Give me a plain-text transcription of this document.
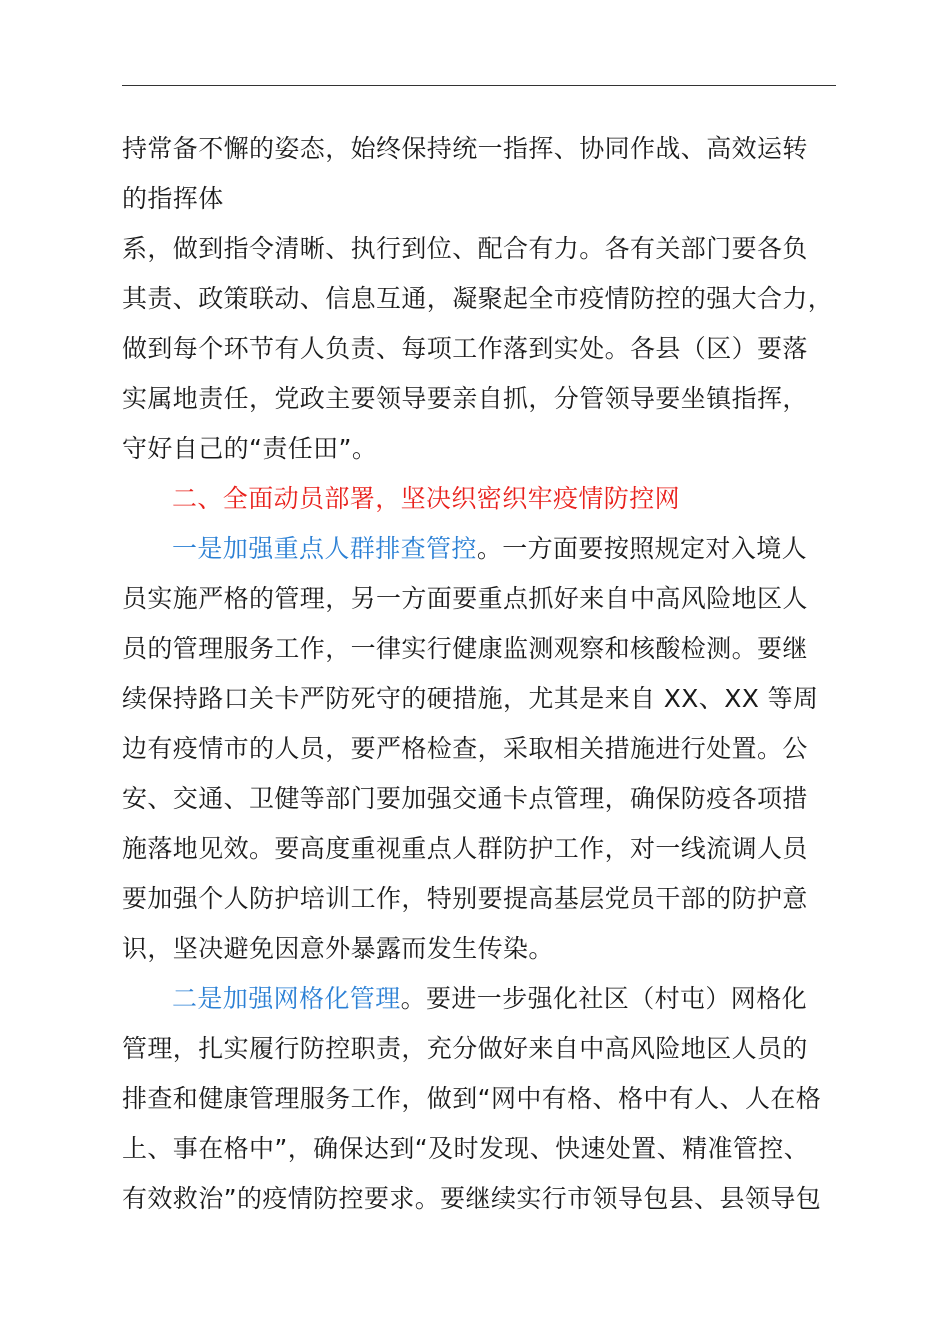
持常备不懈的姿态，始终保持统一指挥、协同作战、高效运转
的指挥体
系，做到指令清晰、执行到位、配合有力。各有关部门要各负
其责、政策联动、信息互通，凝聚起全市疫情防控的强大合力，
做到每个环节有人负责、每项工作落到实处。各县（区）要落
实属地责任，党政主要领导要亲自抓，分管领导要坐镇指挥，
守好自己的“责任田”。
二、全面动员部署，坚决织密织牢疫情防控网
一是加强重点人群排查管控。一方面要按照规定对入境人
员实施严格的管理，另一方面要重点抓好来自中高风险地区人
员的管理服务工作，一律实行健康监测观察和核酸检测。要继
续保持路口关卡严防死守的硬措施，尤其是来自 XX、XX 等周
边有疫情市的人员，要严格检查，采取相关措施进行处置。公
安、交通、卫健等部门要加强交通卡点管理，确保防疫各项措
施落地见效。要高度重视重点人群防护工作，对一线流调人员
要加强个人防护培训工作，特别要提高基层党员干部的防护意
识，坚决避免因意外暴露而发生传染。
二是加强网格化管理。要进一步强化社区（村屯）网格化
管理，扎实履行防控职责，充分做好来自中高风险地区人员的
排查和健康管理服务工作，做到“网中有格、格中有人、人在格
上、事在格中”，确保达到“及时发现、快速处置、精准管控、
有效救治”的疫情防控要求。要继续实行市领导包县、县领导包
